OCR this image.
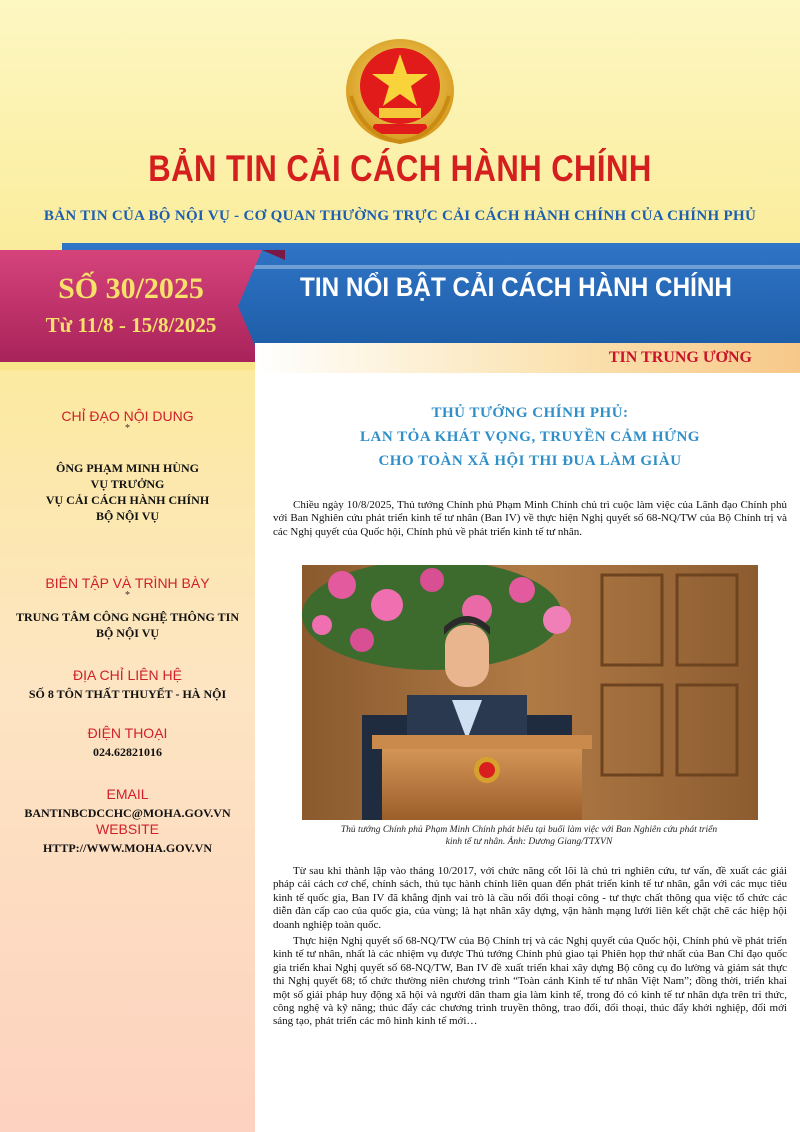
BẢN TIN CẢI CÁCH HÀNH CHÍNH
BẢN TIN CỦA BỘ NỘI VỤ - CƠ QUAN THƯỜNG TRỰC CẢI CÁCH HÀNH CHÍNH CỦA CHÍNH PHỦ
TIN NỔI BẬT CẢI CÁCH HÀNH CHÍNH
SỐ 30/2025
Từ 11/8 - 15/8/2025
TIN TRUNG ƯƠNG
CHỈ ĐẠO NỘI DUNG
*
ÔNG PHẠM MINH HÙNG
VỤ TRƯỞNG
VỤ CẢI CÁCH HÀNH CHÍNH
BỘ NỘI VỤ
BIÊN TẬP VÀ TRÌNH BÀY
*
TRUNG TÂM CÔNG NGHỆ THÔNG TIN
BỘ NỘI VỤ
ĐỊA CHỈ LIÊN HỆ
SỐ 8 TÔN THẤT THUYẾT - HÀ NỘI
ĐIỆN THOẠI
024.62821016
EMAIL
BANTINBCDCCHC@MOHA.GOV.VN
WEBSITE
HTTP://WWW.MOHA.GOV.VN
THỦ TƯỚNG CHÍNH PHỦ:
LAN TỎA KHÁT VỌNG, TRUYỀN CẢM HỨNG
CHO TOÀN XÃ HỘI THI ĐUA LÀM GIÀU

Chiều ngày 10/8/2025, Thủ tướng Chính phủ Phạm Minh Chính chủ trì cuộc làm việc của Lãnh đạo Chính phủ với Ban Nghiên cứu phát triển kinh tế tư nhân (Ban IV) về thực hiện Nghị quyết số 68-NQ/TW của Bộ Chính trị và các Nghị quyết của Quốc hội, Chính phủ về phát triển kinh tế tư nhân.

Thủ tướng Chính phủ Phạm Minh Chính phát biểu tại buổi làm việc với Ban Nghiên cứu phát triển
kinh tế tư nhân. Ảnh: Dương Giang/TTXVN

Từ sau khi thành lập vào tháng 10/2017, với chức năng cốt lõi là chủ trì nghiên cứu, tư vấn, đề xuất các giải pháp cải cách cơ chế, chính sách, thủ tục hành chính liên quan đến phát triển kinh tế tư nhân, gắn với các mục tiêu kinh tế quốc gia, Ban IV đã khẳng định vai trò là cầu nối đối thoại công - tư thực chất thông qua việc tổ chức các diễn đàn cấp cao của quốc gia, của vùng; là hạt nhân xây dựng, vận hành mạng lưới liên kết chặt chẽ các hiệp hội doanh nghiệp toàn quốc.

Thực hiện Nghị quyết số 68-NQ/TW của Bộ Chính trị và các Nghị quyết của Quốc hội, Chính phủ về phát triển kinh tế tư nhân, nhất là các nhiệm vụ được Thủ tướng Chính phủ giao tại Phiên họp thứ nhất của Ban Chỉ đạo quốc gia triển khai Nghị quyết số 68-NQ/TW, Ban IV đề xuất triển khai xây dựng Bộ công cụ đo lường và giám sát thực thi Nghị quyết 68; tổ chức thường niên chương trình “Toàn cảnh Kinh tế tư nhân Việt Nam”; đồng thời, triển khai một số giải pháp huy động xã hội và người dân tham gia làm kinh tế, trong đó có kinh tế tư nhân dựa trên tri thức, công nghệ và kỹ năng; thúc đẩy các chương trình truyền thông, trao đổi, đối thoại, thúc đẩy khởi nghiệp, đổi mới sáng tạo, phát triển các mô hình kinh tế mới…
